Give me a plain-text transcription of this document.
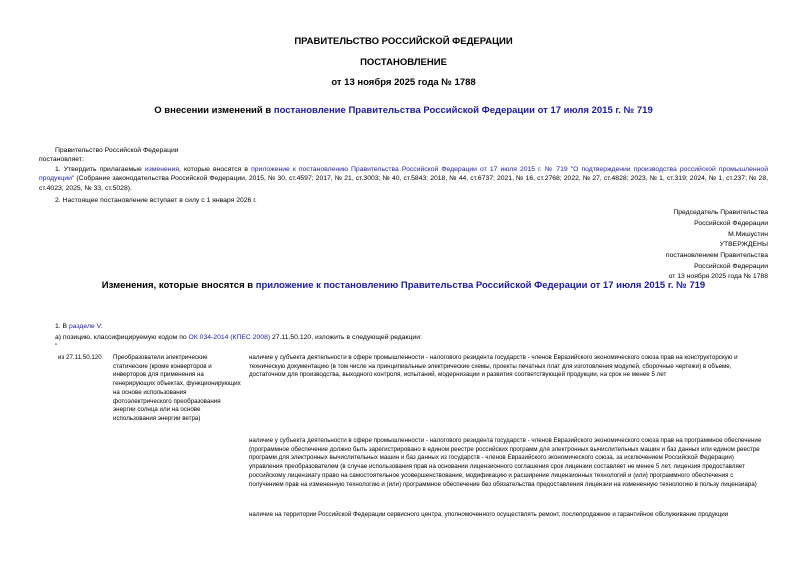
ПРАВИТЕЛЬСТВО РОССИЙСКОЙ ФЕДЕРАЦИИ
ПОСТАНОВЛЕНИЕ
от 13 ноября 2025 года № 1788
О внесении изменений в постановление Правительства Российской Федерации от 17 июля 2015 г. № 719
Правительство Российской Федерации
постановляет:
1. Утвердить прилагаемые изменения, которые вносятся в приложение к постановлению Правительства Российской Федерации от 17 июля 2015 г. № 719 "О подтверждении производства российской промышленной продукции" (Собрание законодательства Российской Федерации, 2015, № 30, ст.4597; 2017, № 21, ст.3003; № 40, ст.5843; 2018, № 44, ст.6737; 2021, № 16, ст.2768; 2022, № 27, ст.4828; 2023, № 1, ст.319; 2024, № 1, ст.237; № 28, ст.4023; 2025, № 33, ст.5028).
2. Настоящее постановление вступает в силу с 1 января 2026 г.
Председатель Правительства
Российской Федерации
М.Мишустин
УТВЕРЖДЕНЫ
постановлением Правительства
Российской Федерации
от 13 ноября 2025 года № 1788
Изменения, которые вносятся в приложение к постановлению Правительства Российской Федерации от 17 июля 2015 г. № 719
1. В разделе V:
а) позицию, классифицируемую кодом по ОК 034-2014 (КПЕС 2008) 27.11.50.120, изложить в следующей редакции:
"
из 27.11.50.120	Преобразователи электрические статические (кроме конверторов и инверторов для применения на генерирующих объектах, функционирующих на основе использования фотоэлектрического преобразования энергии солнца или на основе использования энергии ветра)
наличие у субъекта деятельности в сфере промышленности - налогового резидента государств - членов Евразийского экономического союза прав на конструкторскую и техническую документацию (в том числе на принципиальные электрические схемы, проекты печатных плат для изготовления модулей, сборочные чертежи) в объеме, достаточном для производства, выходного контроля, испытаний, модернизации и развития соответствующей продукции, на срок не менее 5 лет
наличие у субъекта деятельности в сфере промышленности - налогового резидента государств - членов Евразийского экономического союза прав на программное обеспечение (программное обеспечение должно быть зарегистрировано в едином реестре российских программ для электронных вычислительных машин и баз данных или едином реестре программ для электронных вычислительных машин и баз данных из государств - членов Евразийского экономического союза, за исключением Российской Федерации) управления преобразователем (в случае использования прав на основании лицензионного соглашения срок лицензии составляет не менее 5 лет, лицензия предоставляет российскому лицензиату право на самостоятельное усовершенствование, модификацию и расширение лицензионных технологий и (или) программного обеспечения с получением прав на измененную технологию и (или) программное обеспечение без обязательства предоставления лицензии на измененную технологию в пользу лицензиара)
наличие на территории Российской Федерации сервисного центра, уполномоченного осуществлять ремонт, послепродажное и гарантийное обслуживание продукции
